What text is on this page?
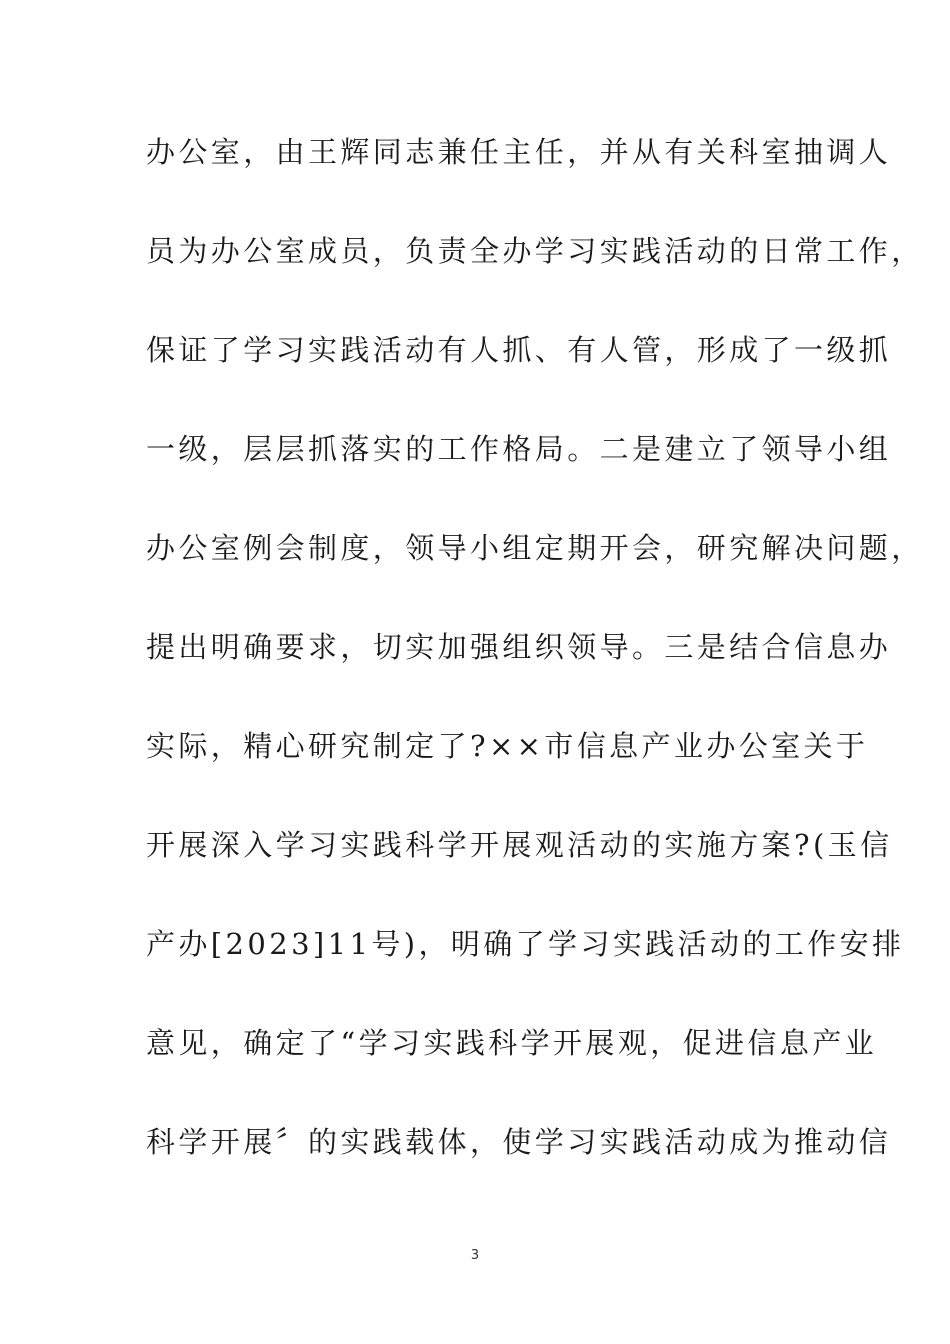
办公室，由王辉同志兼任主任，并从有关科室抽调人
员为办公室成员，负责全办学习实践活动的日常工作，
保证了学习实践活动有人抓、有人管，形成了一级抓
一级，层层抓落实的工作格局。二是建立了领导小组
办公室例会制度，领导小组定期开会，研究解决问题，
提出明确要求，切实加强组织领导。三是结合信息办
实际，精心研究制定了?××市信息产业办公室关于
开展深入学习实践科学开展观活动的实施方案?(玉信
产办[2023]11号)，明确了学习实践活动的工作安排
意见，确定了“学习实践科学开展观，促进信息产业
科学开展〞的实践载体，使学习实践活动成为推动信
3
